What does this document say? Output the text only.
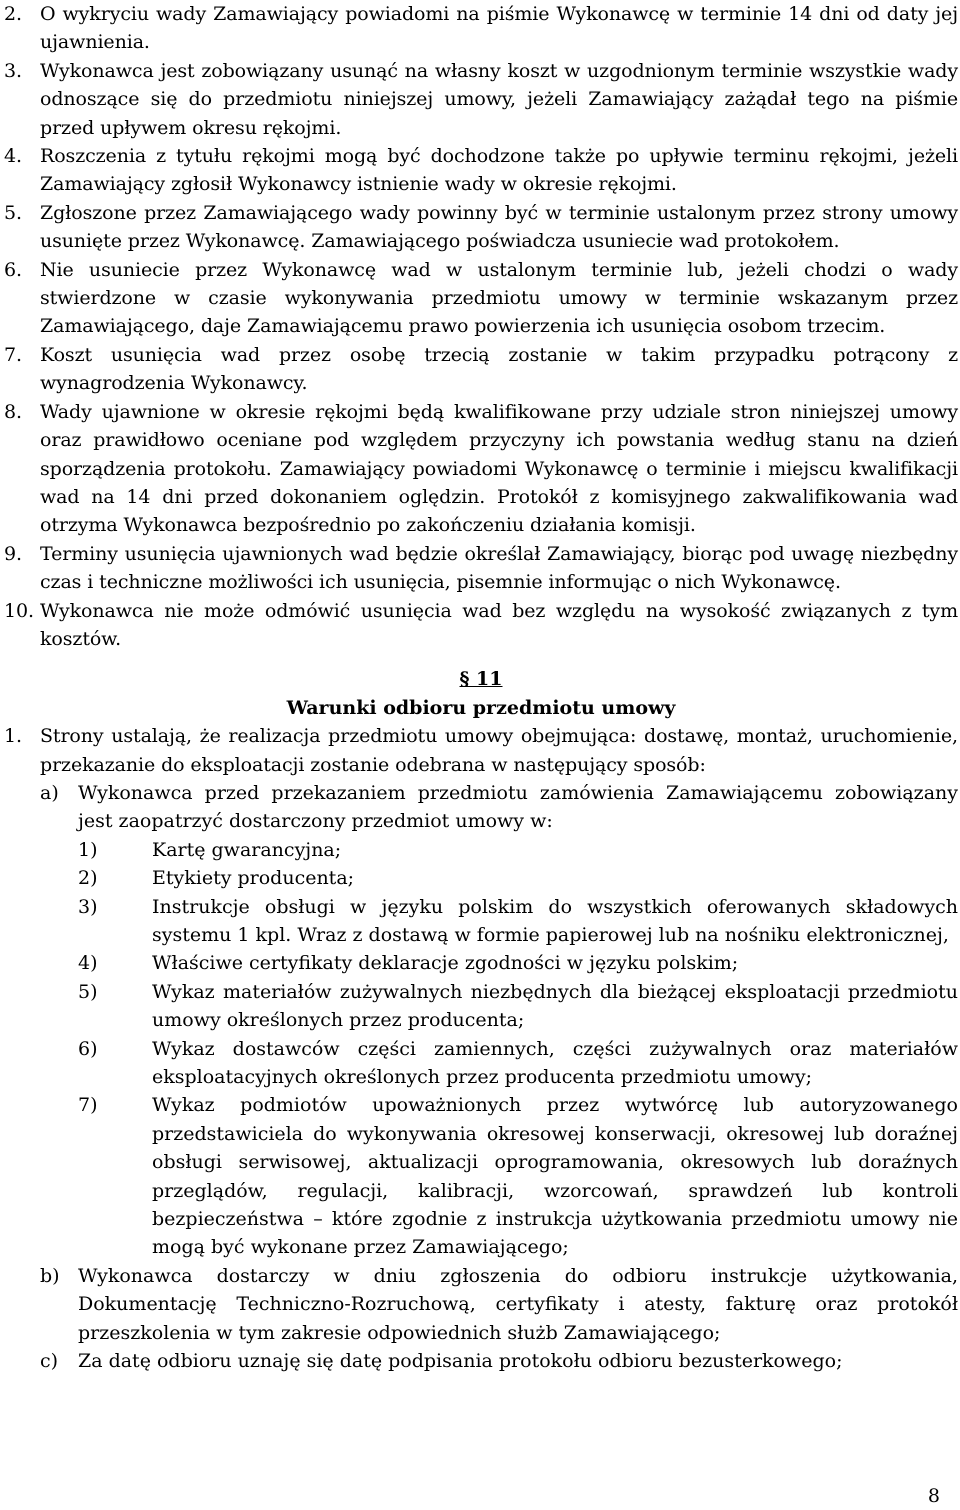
2. O wykryciu wady Zamawiający powiadomi na piśmie Wykonawcę w terminie 14 dni od daty jej ujawnienia.
3. Wykonawca jest zobowiązany usunąć na własny koszt w uzgodnionym terminie wszystkie wady odnoszące się do przedmiotu niniejszej umowy, jeżeli Zamawiający zażądał tego na piśmie przed upływem okresu rękojmi.
4. Roszczenia z tytułu rękojmi mogą być dochodzone także po upływie terminu rękojmi, jeżeli Zamawiający zgłosił Wykonawcy istnienie wady w okresie rękojmi.
5. Zgłoszone przez Zamawiającego wady powinny być w terminie ustalonym przez strony umowy usunięte przez Wykonawcę. Zamawiającego poświadcza usuniecie wad protokołem.
6. Nie usuniecie przez Wykonawcę wad w ustalonym terminie lub, jeżeli chodzi o wady stwierdzone w czasie wykonywania przedmiotu umowy w terminie wskazanym przez Zamawiającego, daje Zamawiającemu prawo powierzenia ich usunięcia osobom trzecim.
7. Koszt usunięcia wad przez osobę trzecią zostanie w takim przypadku potrącony z wynagrodzenia Wykonawcy.
8. Wady ujawnione w okresie rękojmi będą kwalifikowane przy udziale stron niniejszej umowy oraz prawidłowo oceniane pod względem przyczyny ich powstania według stanu na dzień sporządzenia protokołu. Zamawiający powiadomi Wykonawcę o terminie i miejscu kwalifikacji wad na 14 dni przed dokonaniem oględzin. Protokół z komisyjnego zakwalifikowania wad otrzyma Wykonawca bezpośrednio po zakończeniu działania komisji.
9. Terminy usunięcia ujawnionych wad będzie określał Zamawiający, biorąc pod uwagę niezbędny czas i techniczne możliwości ich usunięcia, pisemnie informując o nich Wykonawcę.
10. Wykonawca nie może odmówić usunięcia wad bez względu na wysokość związanych z tym kosztów.
§ 11
Warunki odbioru przedmiotu umowy
1. Strony ustalają, że realizacja przedmiotu umowy obejmująca: dostawę, montaż, uruchomienie, przekazanie do eksploatacji zostanie odebrana w następujący sposób:
a)	Wykonawca przed przekazaniem przedmiotu zamówienia Zamawiającemu zobowiązany jest zaopatrzyć dostarczony przedmiot umowy w:
1)	Kartę gwarancyjna;
2)	Etykiety producenta;
3)	Instrukcje obsługi w języku polskim do wszystkich oferowanych składowych systemu 1 kpl. Wraz z dostawą w formie papierowej lub na nośniku elektronicznej,
4)	Właściwe certyfikaty deklaracje zgodności w języku polskim;
5)	Wykaz materiałów zużywalnych niezbędnych dla bieżącej eksploatacji przedmiotu umowy określonych przez producenta;
6)	Wykaz dostawców części zamiennych, części zużywalnych oraz materiałów eksploatacyjnych określonych przez producenta przedmiotu umowy;
7)	Wykaz podmiotów upoważnionych przez wytwórcę lub autoryzowanego przedstawiciela do wykonywania okresowej konserwacji, okresowej lub doraźnej obsługi serwisowej, aktualizacji oprogramowania, okresowych lub doraźnych przeglądów, regulacji, kalibracji, wzorcowań, sprawdzeń lub kontroli bezpieczeństwa – które zgodnie z instrukcja użytkowania przedmiotu umowy nie mogą być wykonane przez Zamawiającego;
b) Wykonawca dostarczy w dniu zgłoszenia do odbioru instrukcje użytkowania, Dokumentację Techniczno-Rozruchową, certyfikaty i atesty, fakturę oraz protokół przeszkolenia w tym zakresie odpowiednich służb Zamawiającego;
c)	Za datę odbioru uznaję się datę podpisania protokołu odbioru bezusterkowego;
8
